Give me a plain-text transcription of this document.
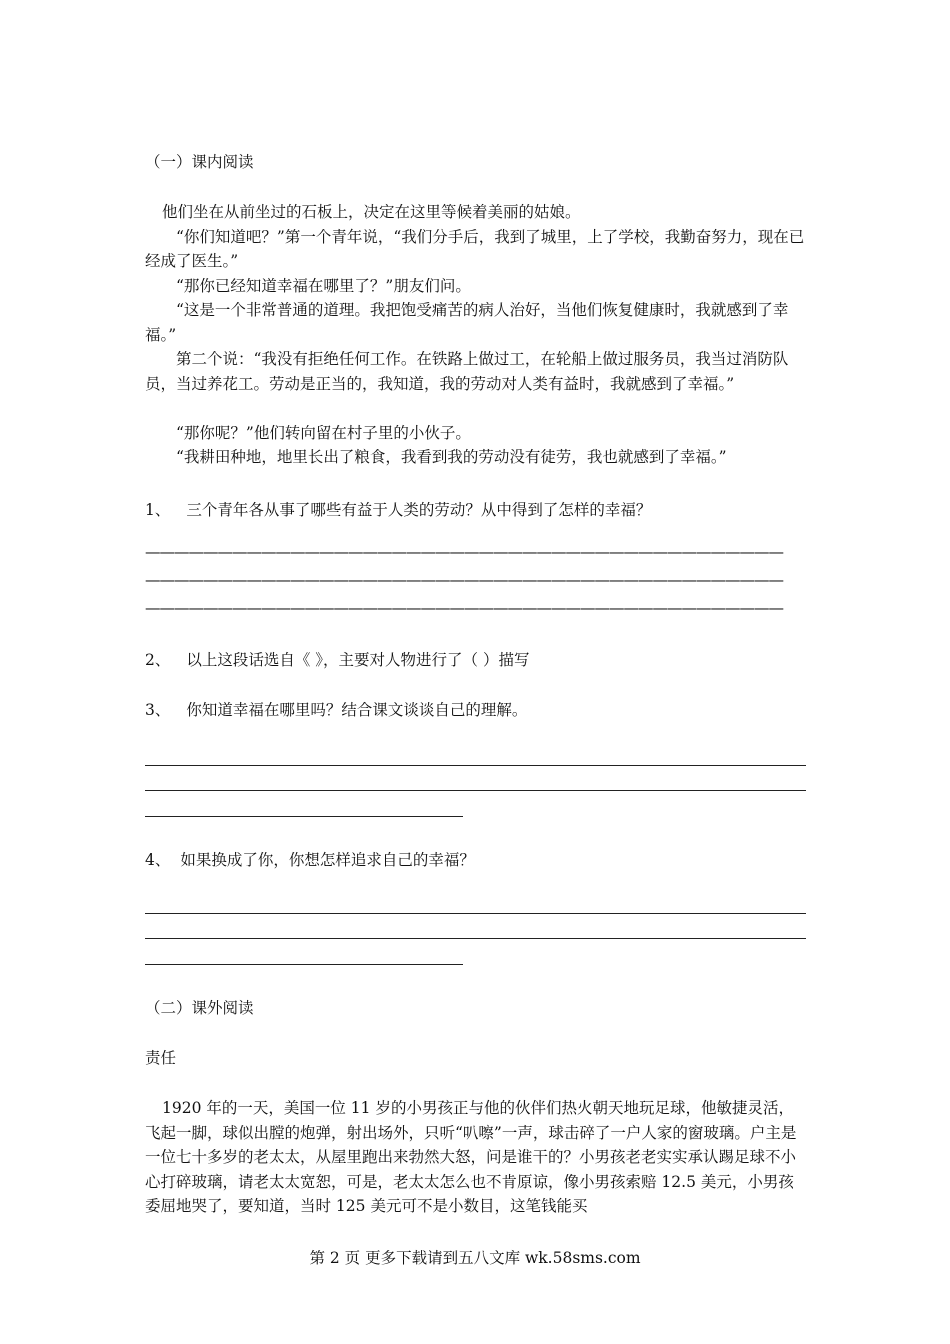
（一）课内阅读

他们坐在从前坐过的石板上，决定在这里等候着美丽的姑娘。

“你们知道吧？”第一个青年说，“我们分手后，我到了城里，上了学校，我勤奋努力，现在已经成了医生。”

“那你已经知道幸福在哪里了？”朋友们问。

“这是一个非常普通的道理。我把饱受痛苦的病人治好，当他们恢复健康时，我就感到了幸福。”

第二个说：“我没有拒绝任何工作。在铁路上做过工，在轮船上做过服务员，我当过消防队员，当过养花工。劳动是正当的，我知道，我的劳动对人类有益时，我就感到了幸福。”

“那你呢？”他们转向留在村子里的小伙子。

“我耕田种地，地里长出了粮食，我看到我的劳动没有徒劳，我也就感到了幸福。”

1、 三个青年各从事了哪些有益于人类的劳动？从中得到了怎样的幸福？
————————————————————————————————————————————
————————————————————————————————————————————
————————————————————————————————————————————
2、 以上这段话选自《 》，主要对人物进行了（ ）描写
3、 你知道幸福在哪里吗？结合课文谈谈自己的理解。
4、 如果换成了你，你想怎样追求自己的幸福？
（二）课外阅读
责任

1920 年的一天，美国一位 11 岁的小男孩正与他的伙伴们热火朝天地玩足球，他敏捷灵活，飞起一脚，球似出膛的炮弹，射出场外，只听“叭嚓”一声，球击碎了一户人家的窗玻璃。户主是一位七十多岁的老太太，从屋里跑出来勃然大怒，问是谁干的？小男孩老老实实承认踢足球不小心打碎玻璃，请老太太宽恕，可是，老太太怎么也不肯原谅，像小男孩索赔 12.5 美元，小男孩委屈地哭了，要知道，当时 125 美元可不是小数目，这笔钱能买

第 2 页 更多下载请到五八文库 wk.58sms.com
